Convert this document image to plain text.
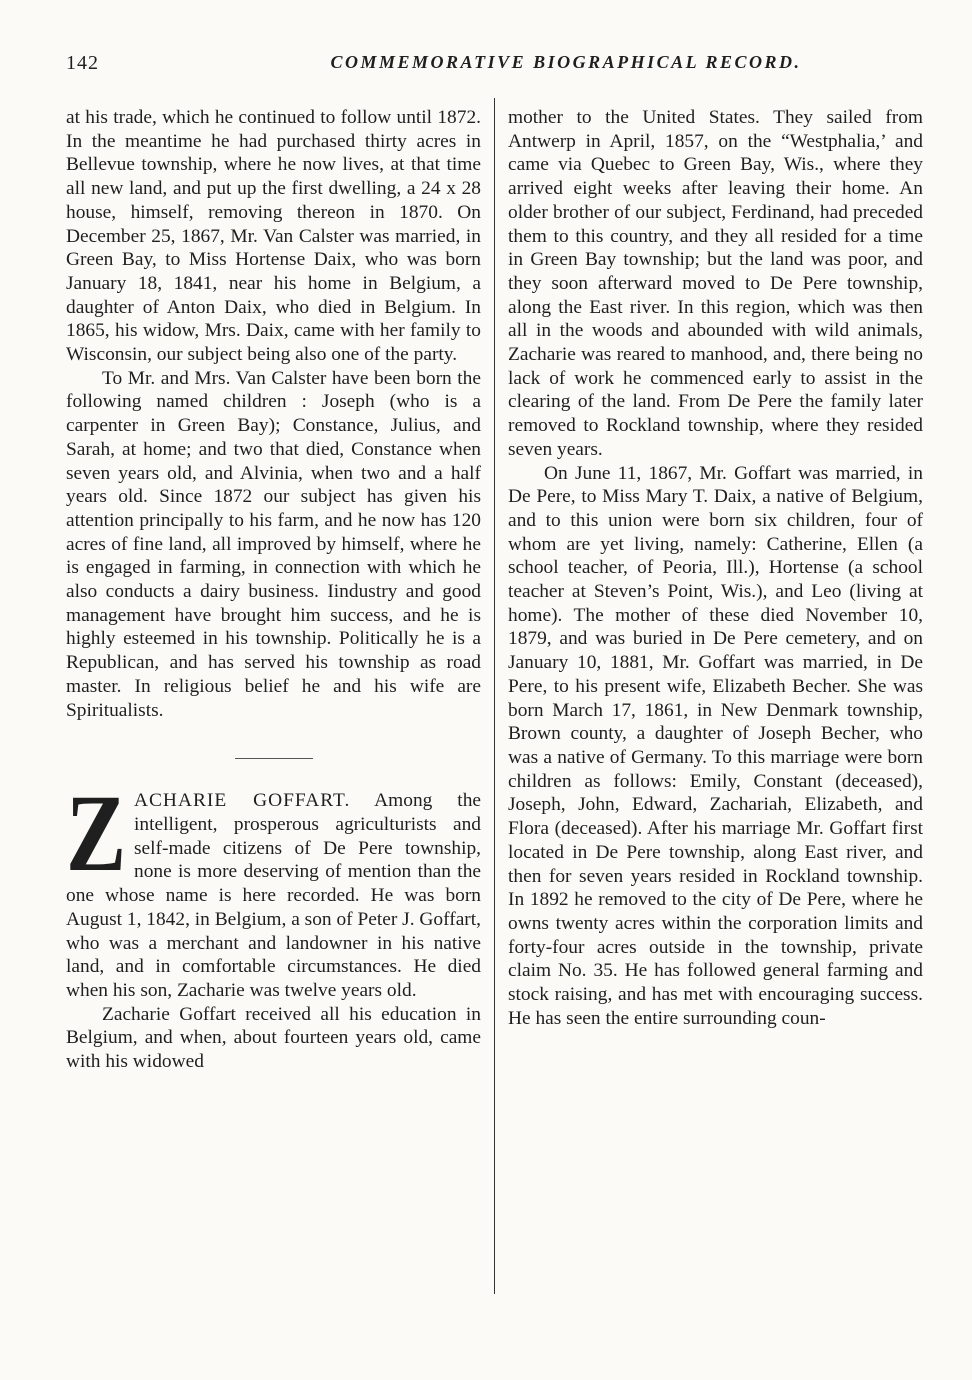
142	COMMEMORATIVE BIOGRAPHICAL RECORD.

at his trade, which he continued to follow until 1872. In the meantime he had purchased thirty acres in Bellevue township, where he now lives, at that time all new land, and put up the first dwelling, a 24 x 28 house, himself, removing thereon in 1870. On December 25, 1867, Mr. Van Calster was married, in Green Bay, to Miss Hortense Daix, who was born January 18, 1841, near his home in Belgium, a daughter of Anton Daix, who died in Belgium. In 1865, his widow, Mrs. Daix, came with her family to Wisconsin, our subject being also one of the party.

To Mr. and Mrs. Van Calster have been born the following named children : Joseph (who is a carpenter in Green Bay); Constance, Julius, and Sarah, at home; and two that died, Constance when seven years old, and Alvinia, when two and a half years old. Since 1872 our subject has given his attention principally to his farm, and he now has 120 acres of fine land, all improved by himself, where he is engaged in farming, in connection with which he also conducts a dairy business. Iindustry and good management have brought him success, and he is highly esteemed in his township. Politically he is a Republican, and has served his township as road master. In religious belief he and his wife are Spiritualists.

ZACHARIE GOFFART. Among the intelligent, prosperous agriculturists and self-made citizens of De Pere township, none is more deserving of mention than the one whose name is here recorded. He was born August 1, 1842, in Belgium, a son of Peter J. Goffart, who was a merchant and landowner in his native land, and in comfortable circumstances. He died when his son, Zacharie was twelve years old.

Zacharie Goffart received all his education in Belgium, and when, about fourteen years old, came with his widowed

mother to the United States. They sailed from Antwerp in April, 1857, on the “Westphalia,’ and came via Quebec to Green Bay, Wis., where they arrived eight weeks after leaving their home. An older brother of our subject, Ferdinand, had preceded them to this country, and they all resided for a time in Green Bay township; but the land was poor, and they soon afterward moved to De Pere township, along the East river. In this region, which was then all in the woods and abounded with wild animals, Zacharie was reared to manhood, and, there being no lack of work he commenced early to assist in the clearing of the land. From De Pere the family later removed to Rockland township, where they resided seven years.

On June 11, 1867, Mr. Goffart was married, in De Pere, to Miss Mary T. Daix, a native of Belgium, and to this union were born six children, four of whom are yet living, namely: Catherine, Ellen (a school teacher, of Peoria, Ill.), Hortense (a school teacher at Steven’s Point, Wis.), and Leo (living at home). The mother of these died November 10, 1879, and was buried in De Pere cemetery, and on January 10, 1881, Mr. Goffart was married, in De Pere, to his present wife, Elizabeth Becher. She was born March 17, 1861, in New Denmark township, Brown county, a daughter of Joseph Becher, who was a native of Germany. To this marriage were born children as follows: Emily, Constant (deceased), Joseph, John, Edward, Zachariah, Elizabeth, and Flora (deceased). After his marriage Mr. Goffart first located in De Pere township, along East river, and then for seven years resided in Rockland township. In 1892 he removed to the city of De Pere, where he owns twenty acres within the corporation limits and forty-four acres outside in the township, private claim No. 35. He has followed general farming and stock raising, and has met with encouraging success. He has seen the entire surrounding coun-
